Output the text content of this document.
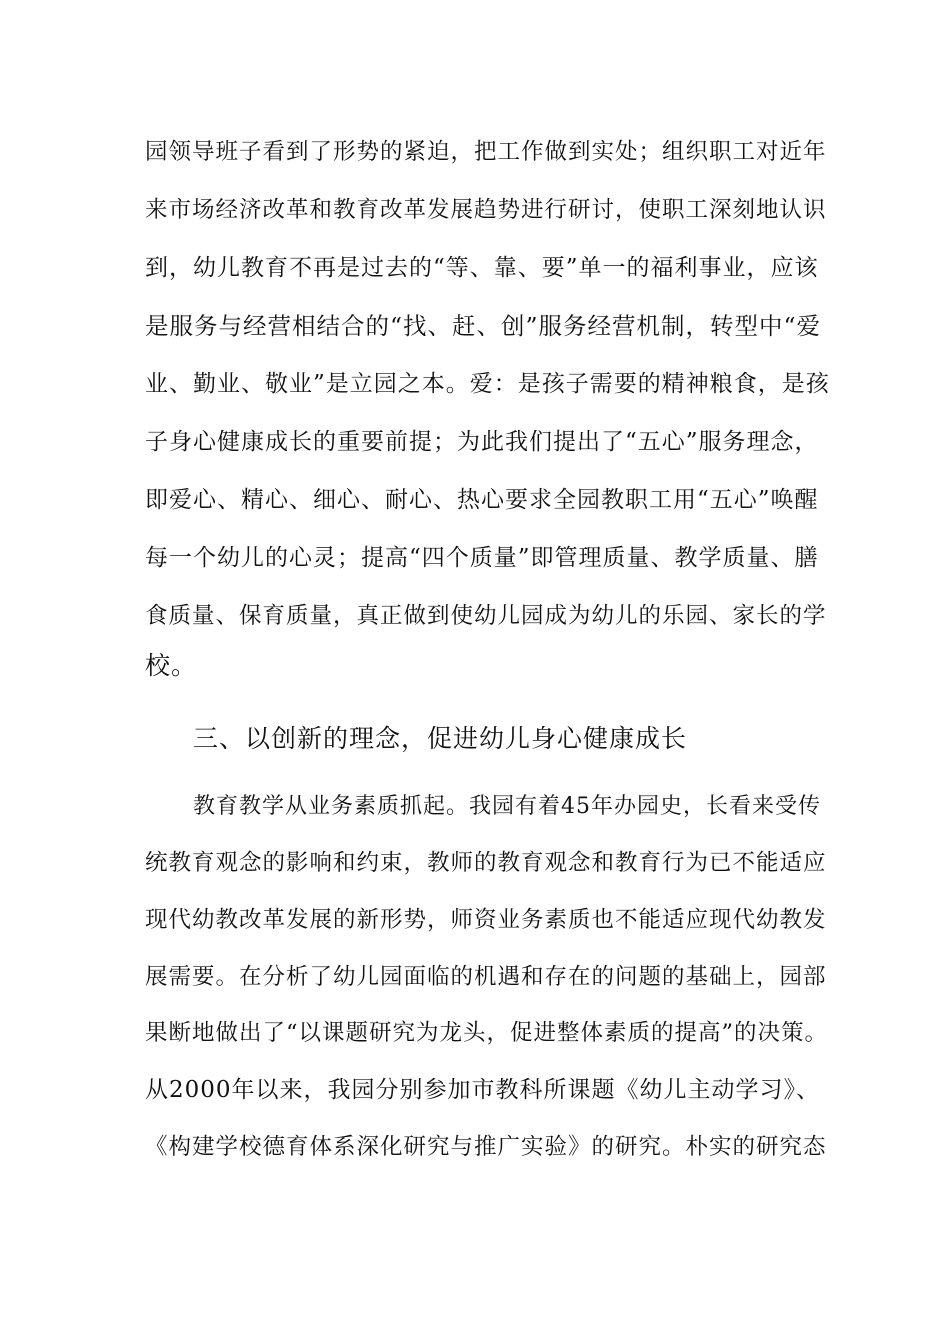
园领导班子看到了形势的紧迫，把工作做到实处；组织职工对近年
来市场经济改革和教育改革发展趋势进行研讨，使职工深刻地认识
到，幼儿教育不再是过去的“等、靠、要”单一的福利事业，应该
是服务与经营相结合的“找、赶、创”服务经营机制，转型中“爱
业、勤业、敬业”是立园之本。爱：是孩子需要的精神粮食，是孩
子身心健康成长的重要前提；为此我们提出了“五心”服务理念，
即爱心、精心、细心、耐心、热心要求全园教职工用“五心”唤醒
每一个幼儿的心灵；提高“四个质量”即管理质量、教学质量、膳
食质量、保育质量，真正做到使幼儿园成为幼儿的乐园、家长的学
校。
三、以创新的理念，促进幼儿身心健康成长
教育教学从业务素质抓起。我园有着45年办园史，长看来受传
统教育观念的影响和约束，教师的教育观念和教育行为已不能适应
现代幼教改革发展的新形势，师资业务素质也不能适应现代幼教发
展需要。在分析了幼儿园面临的机遇和存在的问题的基础上，园部
果断地做出了“以课题研究为龙头，促进整体素质的提高”的决策。
从2000年以来，我园分别参加市教科所课题《幼儿主动学习》、
《构建学校德育体系深化研究与推广实验》的研究。朴实的研究态
